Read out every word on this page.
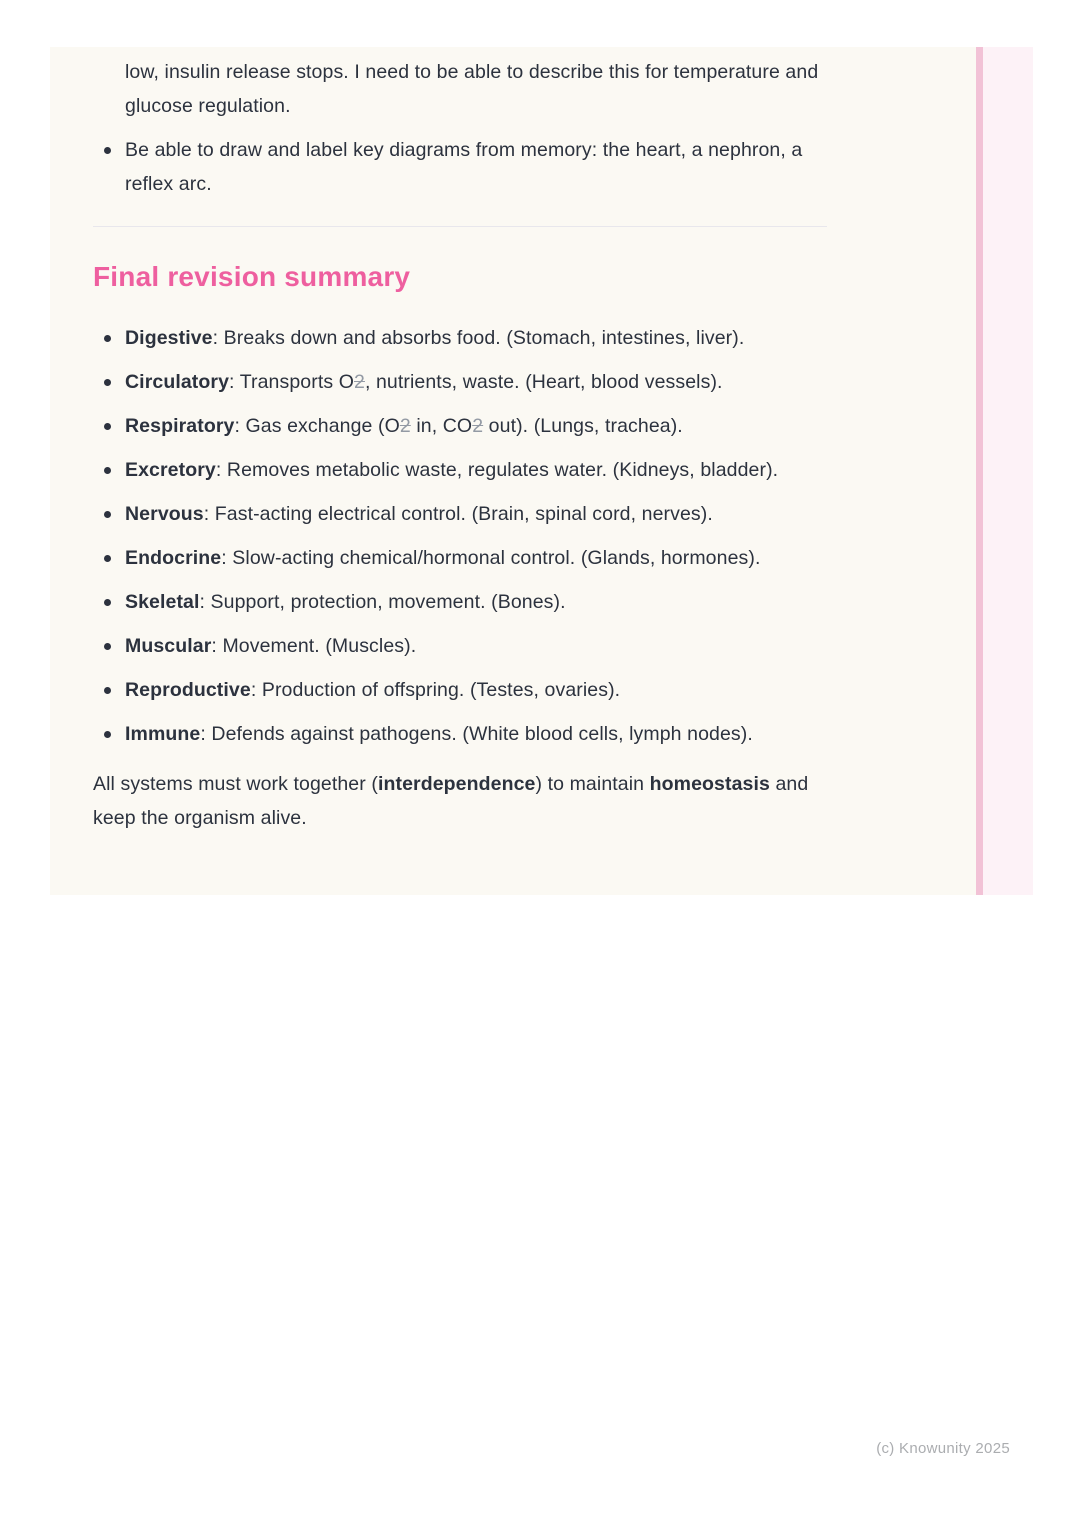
low, insulin release stops. I need to be able to describe this for temperature and glucose regulation.

Be able to draw and label key diagrams from memory: the heart, a nephron, a reflex arc.
Final revision summary
Digestive: Breaks down and absorbs food. (Stomach, intestines, liver).
Circulatory: Transports O2, nutrients, waste. (Heart, blood vessels).
Respiratory: Gas exchange (O2 in, CO2 out). (Lungs, trachea).
Excretory: Removes metabolic waste, regulates water. (Kidneys, bladder).
Nervous: Fast-acting electrical control. (Brain, spinal cord, nerves).
Endocrine: Slow-acting chemical/hormonal control. (Glands, hormones).
Skeletal: Support, protection, movement. (Bones).
Muscular: Movement. (Muscles).
Reproductive: Production of offspring. (Testes, ovaries).
Immune: Defends against pathogens. (White blood cells, lymph nodes).

All systems must work together (interdependence) to maintain homeostasis and keep the organism alive.

(c) Knowunity 2025
